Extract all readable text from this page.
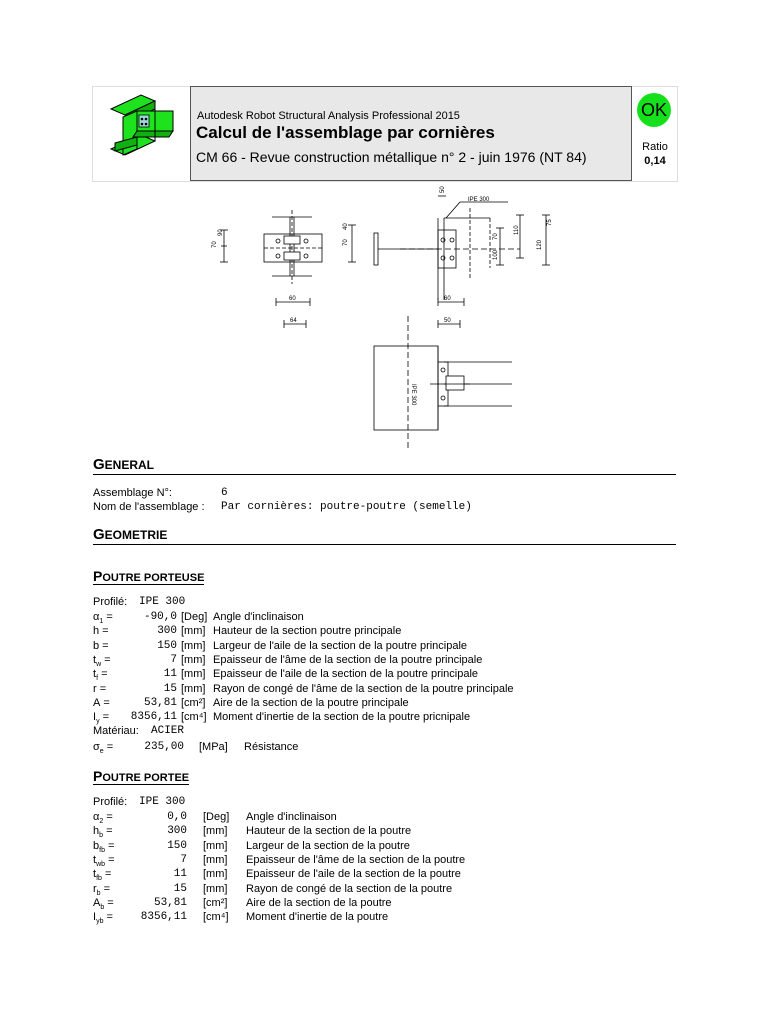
Autodesk Robot Structural Analysis Professional 2015
Calcul de l'assemblage par cornières
CM 66 - Revue construction métallique n° 2 - juin 1976 (NT 84)
OK
Ratio
0,14
70
90
70
40
60
64
50
60
50
110
75
120
70
100
IPE 300
IPE 300
GENERAL
Assemblage N°:	6
Nom de l'assemblage : Par cornières: poutre-poutre (semelle)
GEOMETRIE
POUTRE PORTEUSE
Profilé: IPE 300
$\alpha_1$ =	-90,0 [Deg] Angle d'inclinaison
h =	300 [mm] Hauteur de la section poutre principale
b =	150 [mm] Largeur de l'aile de la section de la poutre principale
$t_w$ =	7 [mm] Epaisseur de l'âme de la section de la poutre principale
$t_f$ =	11 [mm] Epaisseur de l'aile de la section de la poutre principale
r =	15 [mm] Rayon de congé de l'âme de la section de la poutre principale
A =	53,81 [cm²] Aire de la section de la poutre principale
$I_y$ =	8356,11 [cm⁴] Moment d'inertie de la section de la poutre pricnipale
Matériau: ACIER
$\sigma_e$ =	235,00 [MPa] Résistance
Profilé: IPE 300
$\alpha_2$ =	0,0 [Deg] Angle d'inclinaison
$h_b$ =	300 [mm] Hauteur de la section de la poutre
$b_{fb}$ =	150 [mm] Largeur de la section de la poutre
$t_{wb}$ =	7 [mm] Epaisseur de l'âme de la section de la poutre
$t_{fb}$ =	11 [mm] Epaisseur de l'aile de la section de la poutre
$r_b$ =	15 [mm] Rayon de congé de la section de la poutre
$A_b$ =	53,81 [cm²] Aire de la section de la poutre
$I_{yb}$ =	8356,11 [cm⁴] Moment d'inertie de la poutre
POUTRE PORTEE
